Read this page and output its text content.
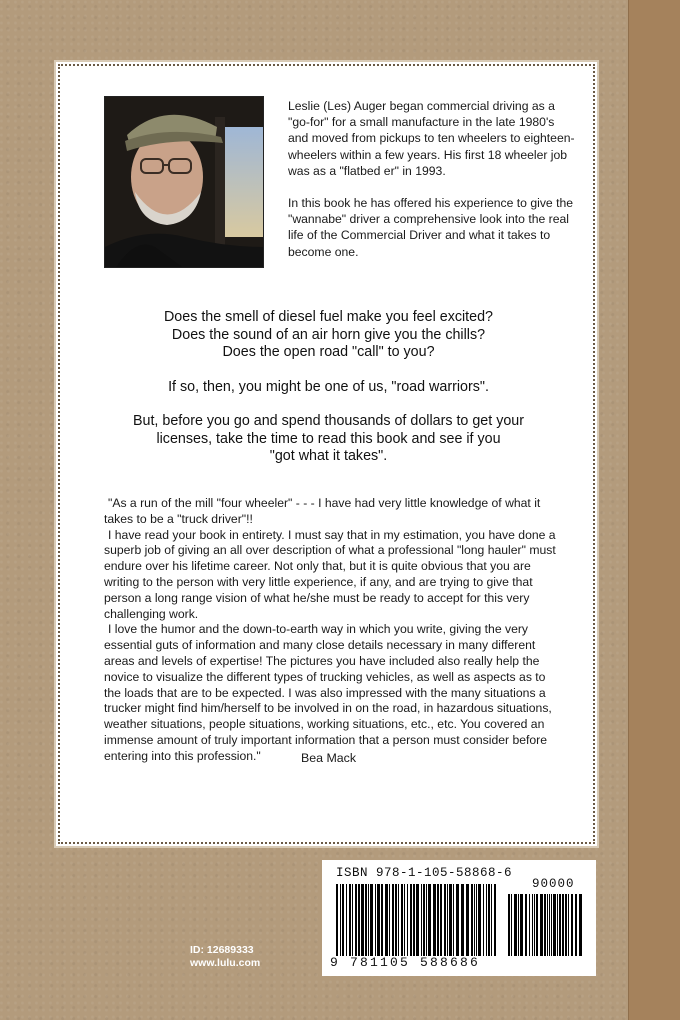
Leslie (Les) Auger began commercial driving as a "go-for" for a small manufacture in the late 1980's and moved from pickups to ten wheelers to eighteen-wheelers within a few years. His first 18 wheeler job was as a "flatbed er" in 1993.

In this book he has offered his experience to give the "wannabe" driver a comprehensive look into the real life of the Commercial Driver and what it takes to become one.

Does the smell of diesel fuel make you feel excited?
Does the sound of an air horn give you the chills?
Does the open road "call" to you?

If so, then, you might be one of us, "road warriors".

But, before you go and spend thousands of dollars to get your
licenses, take the time to read this book and see if you
"got what it takes".

"As a run of the mill "four wheeler" - - - I have had very little knowledge of what it takes to be a "truck driver"!!

I have read your book in entirety. I must say that in my estimation, you have done a superb job of giving an all over description of what a professional "long hauler" must endure over his lifetime career. Not only that, but it is quite obvious that you are writing to the person with very little experience, if any, and are trying to give that person a long range vision of what he/she must be ready to accept for this very challenging work.

I love the humor and the down-to-earth way in which you write, giving the very essential guts of information and many close details necessary in many different areas and levels of expertise! The pictures you have included also really help the novice to visualize the different types of trucking vehicles, as well as aspects as to the loads that are to be expected. I was also impressed with the many situations a trucker might find him/herself to be involved in on the road, in hazardous situations, weather situations, people situations, working situations, etc., etc. You covered an immense amount of truly important information that a person must consider before entering into this profession."	Bea Mack
ISBN 978-1-105-58868-6
90000
9 781105 588686
ID: 12689333
www.lulu.com
